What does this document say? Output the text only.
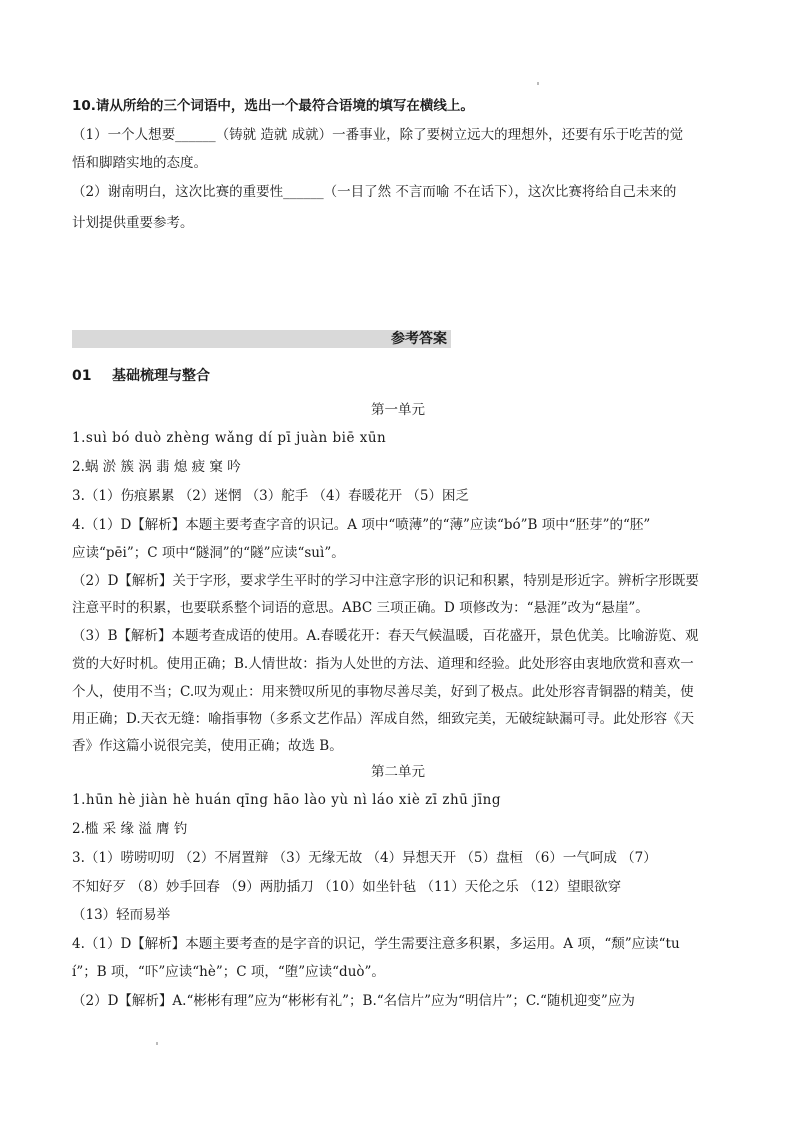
10.请从所给的三个词语中，选出一个最符合语境的填写在横线上。
（1）一个人想要______（铸就 造就 成就）一番事业，除了要树立远大的理想外，还要有乐于吃苦的觉
悟和脚踏实地的态度。
（2）谢南明白，这次比赛的重要性______（一目了然 不言而喻 不在话下），这次比赛将给自己未来的
计划提供重要参考。
参考答案
01 基础梳理与整合
第一单元
1.suì bó duò zhèng wǎng dí pī juàn biē xūn
2.蜗 淤 簇 涡 翡 熄 疲 窠 吟
3.（1）伤痕累累 （2）迷惘 （3）舵手 （4）春暖花开 （5）困乏
4.（1）D【解析】本题主要考查字音的识记。A 项中“喷薄”的“薄”应读“bó”B 项中“胚芽”的“胚”
应读“pēi”；C 项中“隧洞”的“隧”应读“suì”。
（2）D【解析】关于字形，要求学生平时的学习中注意字形的识记和积累，特别是形近字。辨析字形既要
注意平时的积累，也要联系整个词语的意思。ABC 三项正确。D 项修改为：“悬涯”改为“悬崖”。
（3）B【解析】本题考查成语的使用。A.春暖花开：春天气候温暖，百花盛开，景色优美。比喻游览、观
赏的大好时机。使用正确；B.人情世故：指为人处世的方法、道理和经验。此处形容由衷地欣赏和喜欢一
个人，使用不当；C.叹为观止：用来赞叹所见的事物尽善尽美，好到了极点。此处形容青铜器的精美，使
用正确；D.天衣无缝：喻指事物（多系文艺作品）浑成自然，细致完美，无破绽缺漏可寻。此处形容《天
香》作这篇小说很完美，使用正确；故选 B。
第二单元
1.hūn hè jiàn hè huán qīng hāo lào yù nì láo xiè zī zhū jīng
2.槛 采 缘 溢 膺 钓
3.（1）唠唠叨叨 （2）不屑置辩 （3）无缘无故 （4）异想天开 （5）盘桓 （6）一气呵成 （7）
不知好歹 （8）妙手回春 （9）两肋插刀 （10）如坐针毡 （11）天伦之乐 （12）望眼欲穿
（13）轻而易举
4.（1）D【解析】本题主要考查的是字音的识记，学生需要注意多积累，多运用。A 项，“颓”应读“tu
í”；B 项，“吓”应读“hè”；C 项，“堕”应读“duò”。
（2）D【解析】A.“彬彬有理”应为“彬彬有礼”；B.“名信片”应为“明信片”；C.“随机迎变”应为
